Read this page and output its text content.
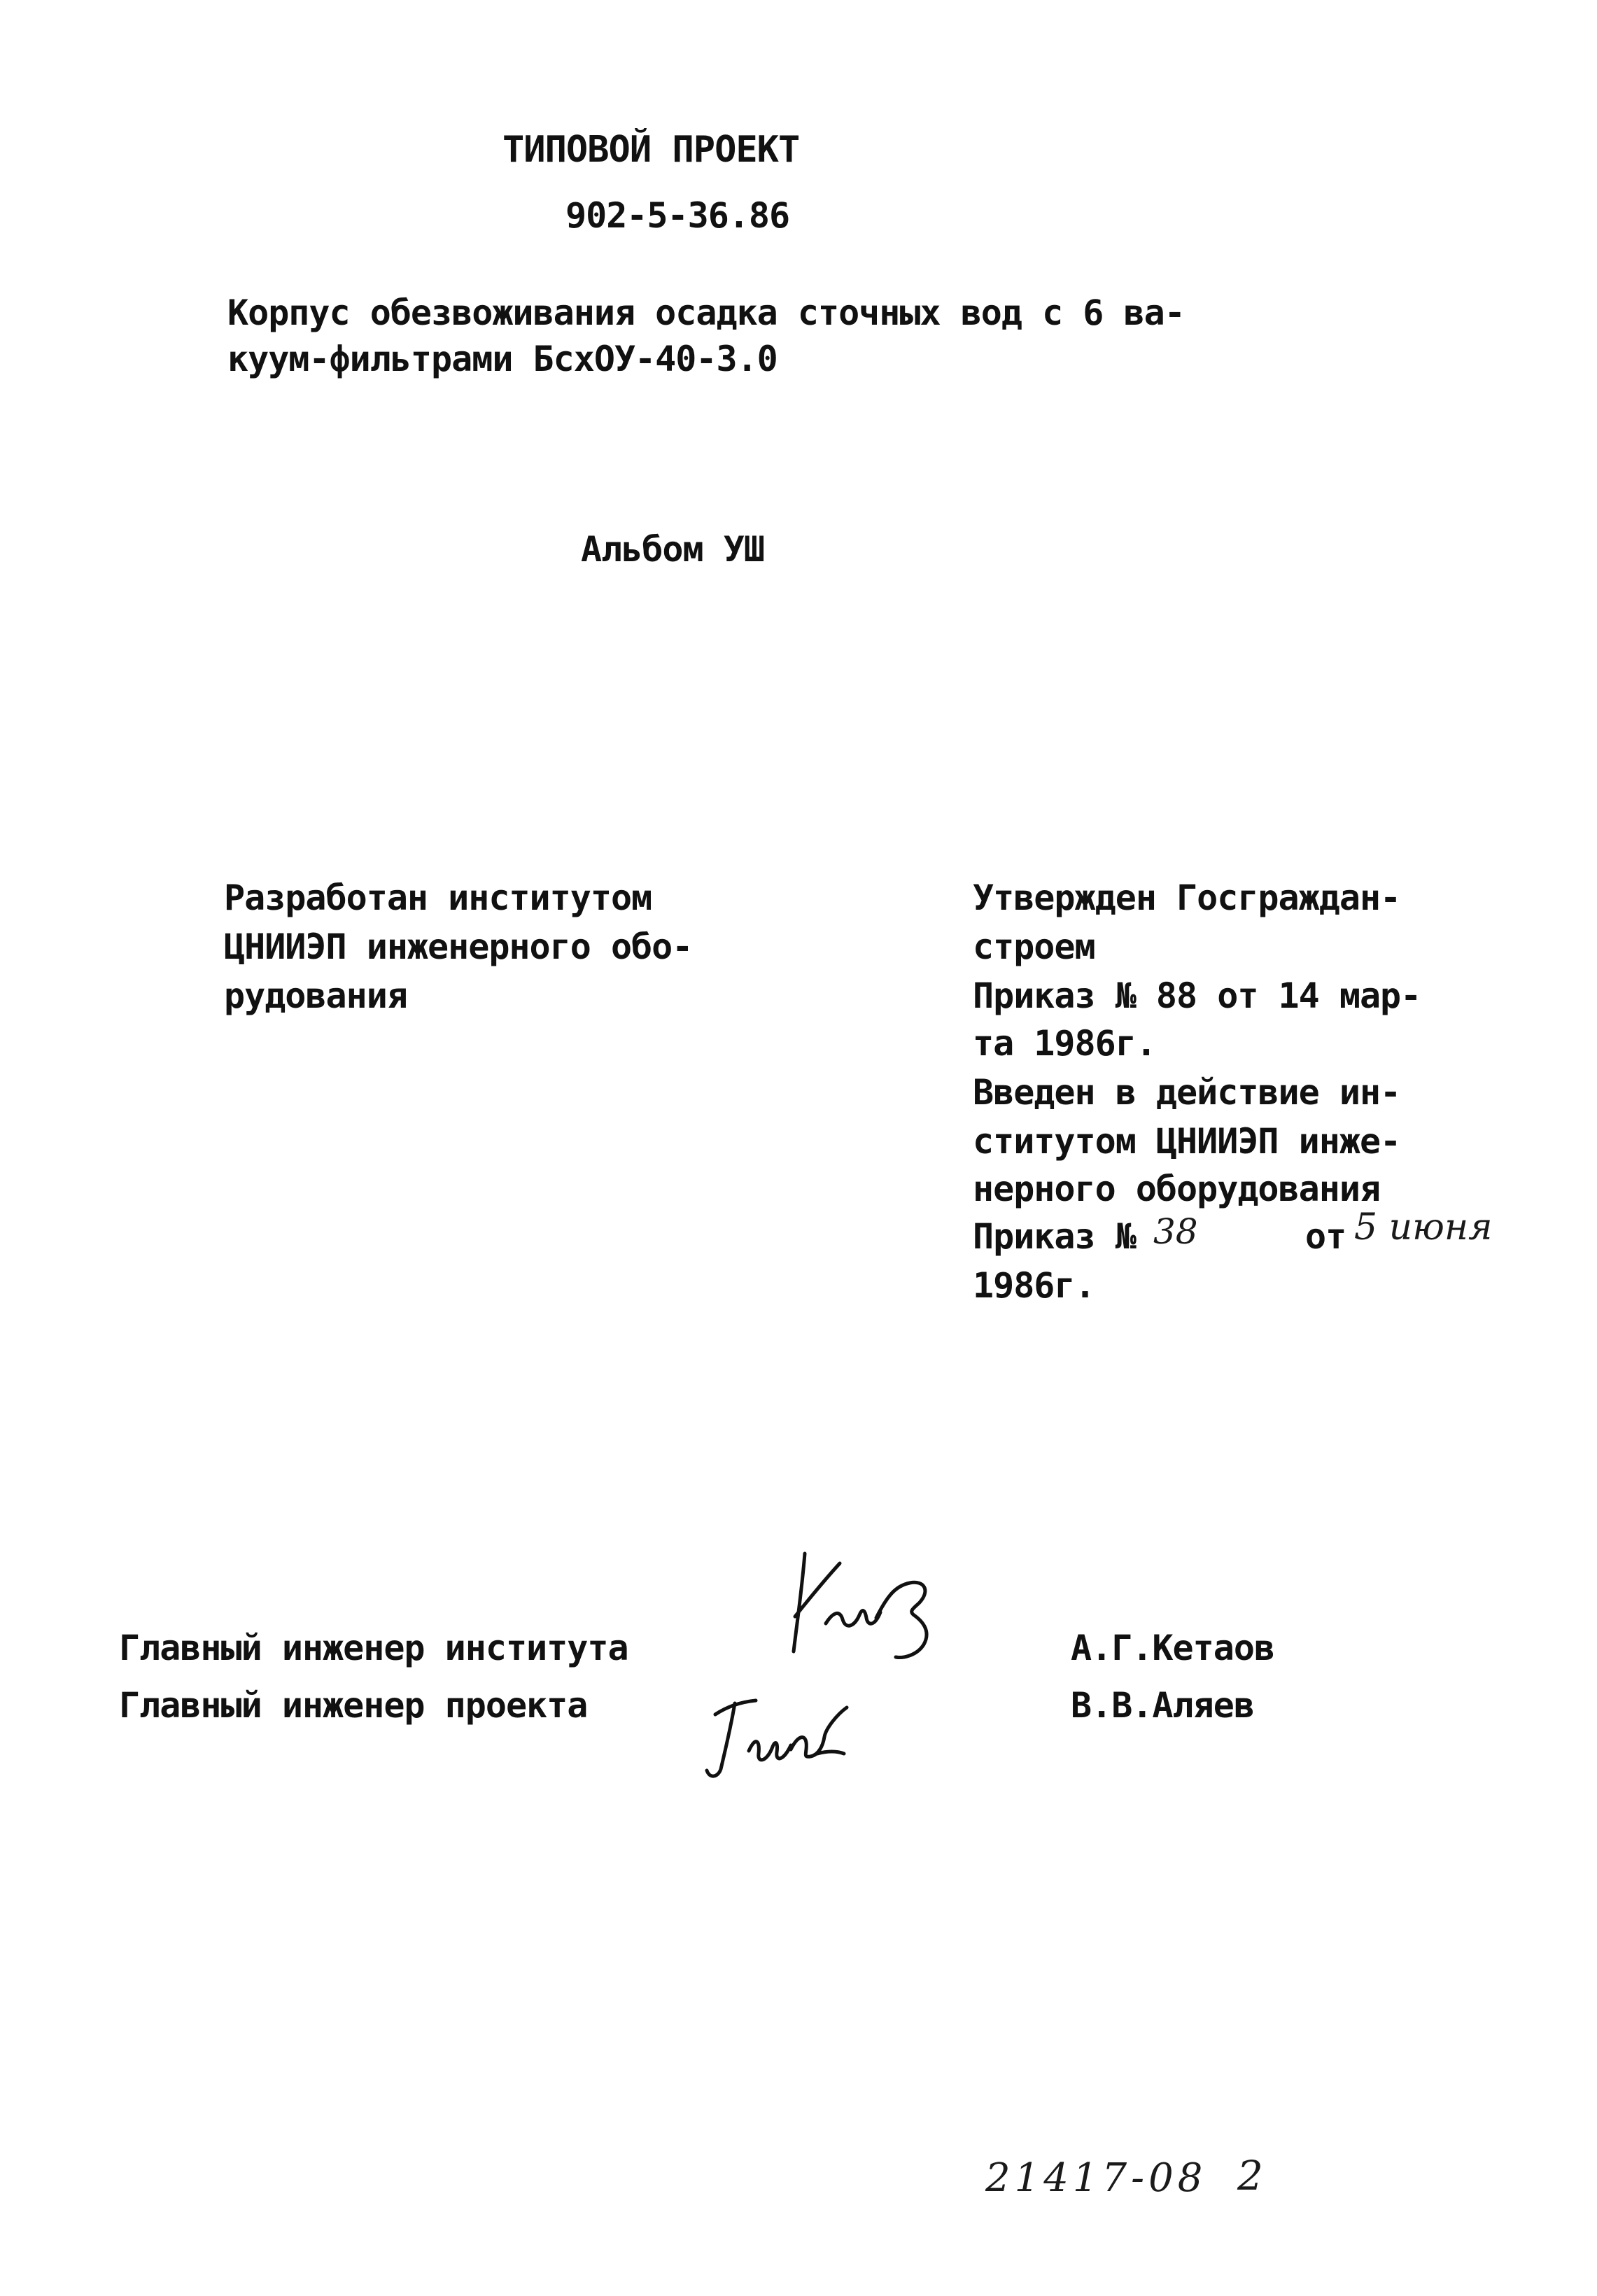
ТИПОВОЙ ПРОЕКТ
902-5-36.86
Корпус обезвоживания осадка сточных вод с 6 ва-
куум-фильтрами БсхОУ-40-3.0
Альбом УШ
Разработан институтом
ЦНИИЭП инженерного обо-
рудования
Утвержден Госграждан-
строем
Приказ № 88 от 14 мар-
та 1986г.
Введен в действие ин-
ститутом ЦНИИЭП инже-
нерного оборудования
Приказ № 38	от 5 июня
1986г.
Главный инженер института	А.Г.Кетаов
Главный инженер проекта	В.В.Аляев
21417-08 2
